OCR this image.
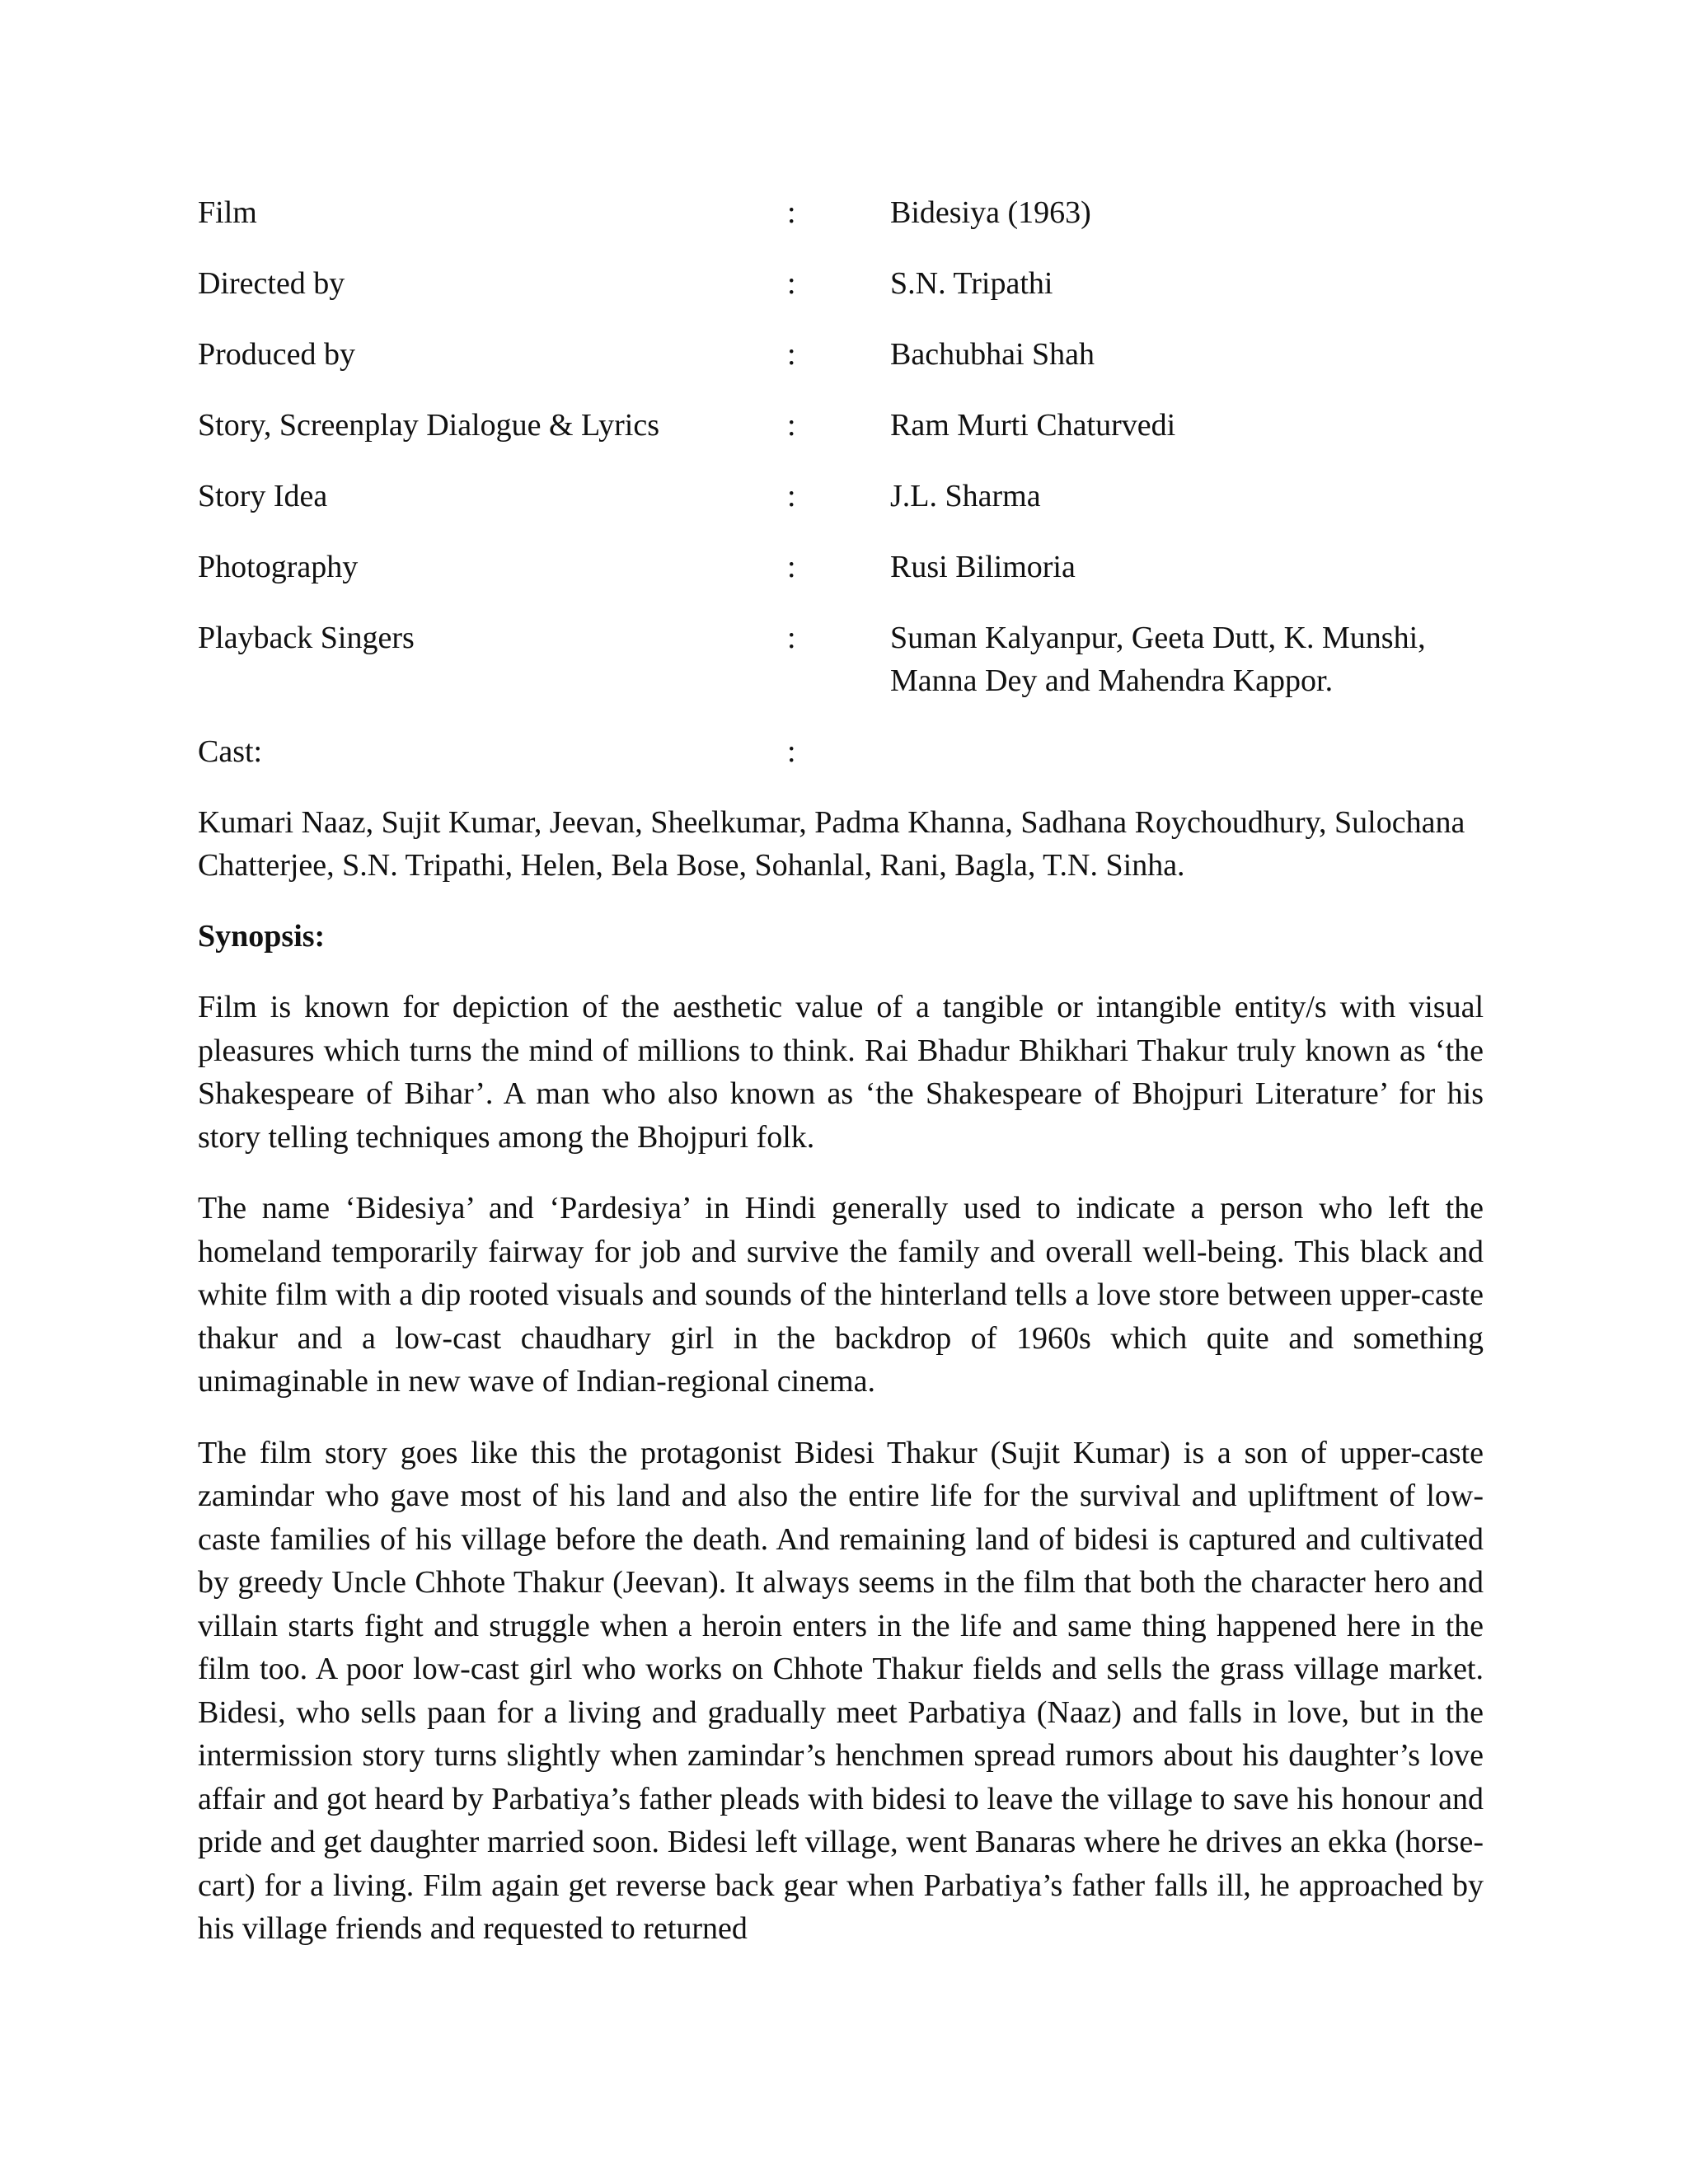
Film	:	Bidesiya (1963)
Directed by	:	S.N. Tripathi
Produced by	:	Bachubhai Shah
Story, Screenplay Dialogue & Lyrics	:	Ram Murti Chaturvedi
Story Idea	:	J.L. Sharma
Photography	:	Rusi Bilimoria
Playback Singers	:	Suman Kalyanpur, Geeta Dutt, K. Munshi, Manna Dey and Mahendra Kappor.
Cast:	:	

Kumari Naaz, Sujit Kumar, Jeevan, Sheelkumar, Padma Khanna, Sadhana Roychoudhury, Sulochana Chatterjee, S.N. Tripathi, Helen, Bela Bose, Sohanlal, Rani, Bagla, T.N. Sinha.

Synopsis:

Film is known for depiction of the aesthetic value of a tangible or intangible entity/s with visual pleasures which turns the mind of millions to think. Rai Bhadur Bhikhari Thakur truly known as ‘the Shakespeare of Bihar’. A man who also known as ‘the Shakespeare of Bhojpuri Literature’ for his story telling techniques among the Bhojpuri folk.

The name ‘Bidesiya’ and ‘Pardesiya’ in Hindi generally used to indicate a person who left the homeland temporarily fairway for job and survive the family and overall well-being. This black and white film with a dip rooted visuals and sounds of the hinterland tells a love store between upper-caste thakur and a low-cast chaudhary girl in the backdrop of 1960s which quite and something unimaginable in new wave of Indian-regional cinema.

The film story goes like this the protagonist Bidesi Thakur (Sujit Kumar) is a son of upper-caste zamindar who gave most of his land and also the entire life for the survival and upliftment of low-caste families of his village before the death. And remaining land of bidesi is captured and cultivated by greedy Uncle Chhote Thakur (Jeevan). It always seems in the film that both the character hero and villain starts fight and struggle when a heroin enters in the life and same thing happened here in the film too. A poor low-cast girl who works on Chhote Thakur fields and sells the grass village market. Bidesi, who sells paan for a living and gradually meet Parbatiya (Naaz) and falls in love, but in the intermission story turns slightly when zamindar’s henchmen spread rumors about his daughter’s love affair and got heard by Parbatiya’s father pleads with bidesi to leave the village to save his honour and pride and get daughter married soon. Bidesi left village, went Banaras where he drives an ekka (horse-cart) for a living. Film again get reverse back gear when Parbatiya’s father falls ill, he approached by his village friends and requested to returned
